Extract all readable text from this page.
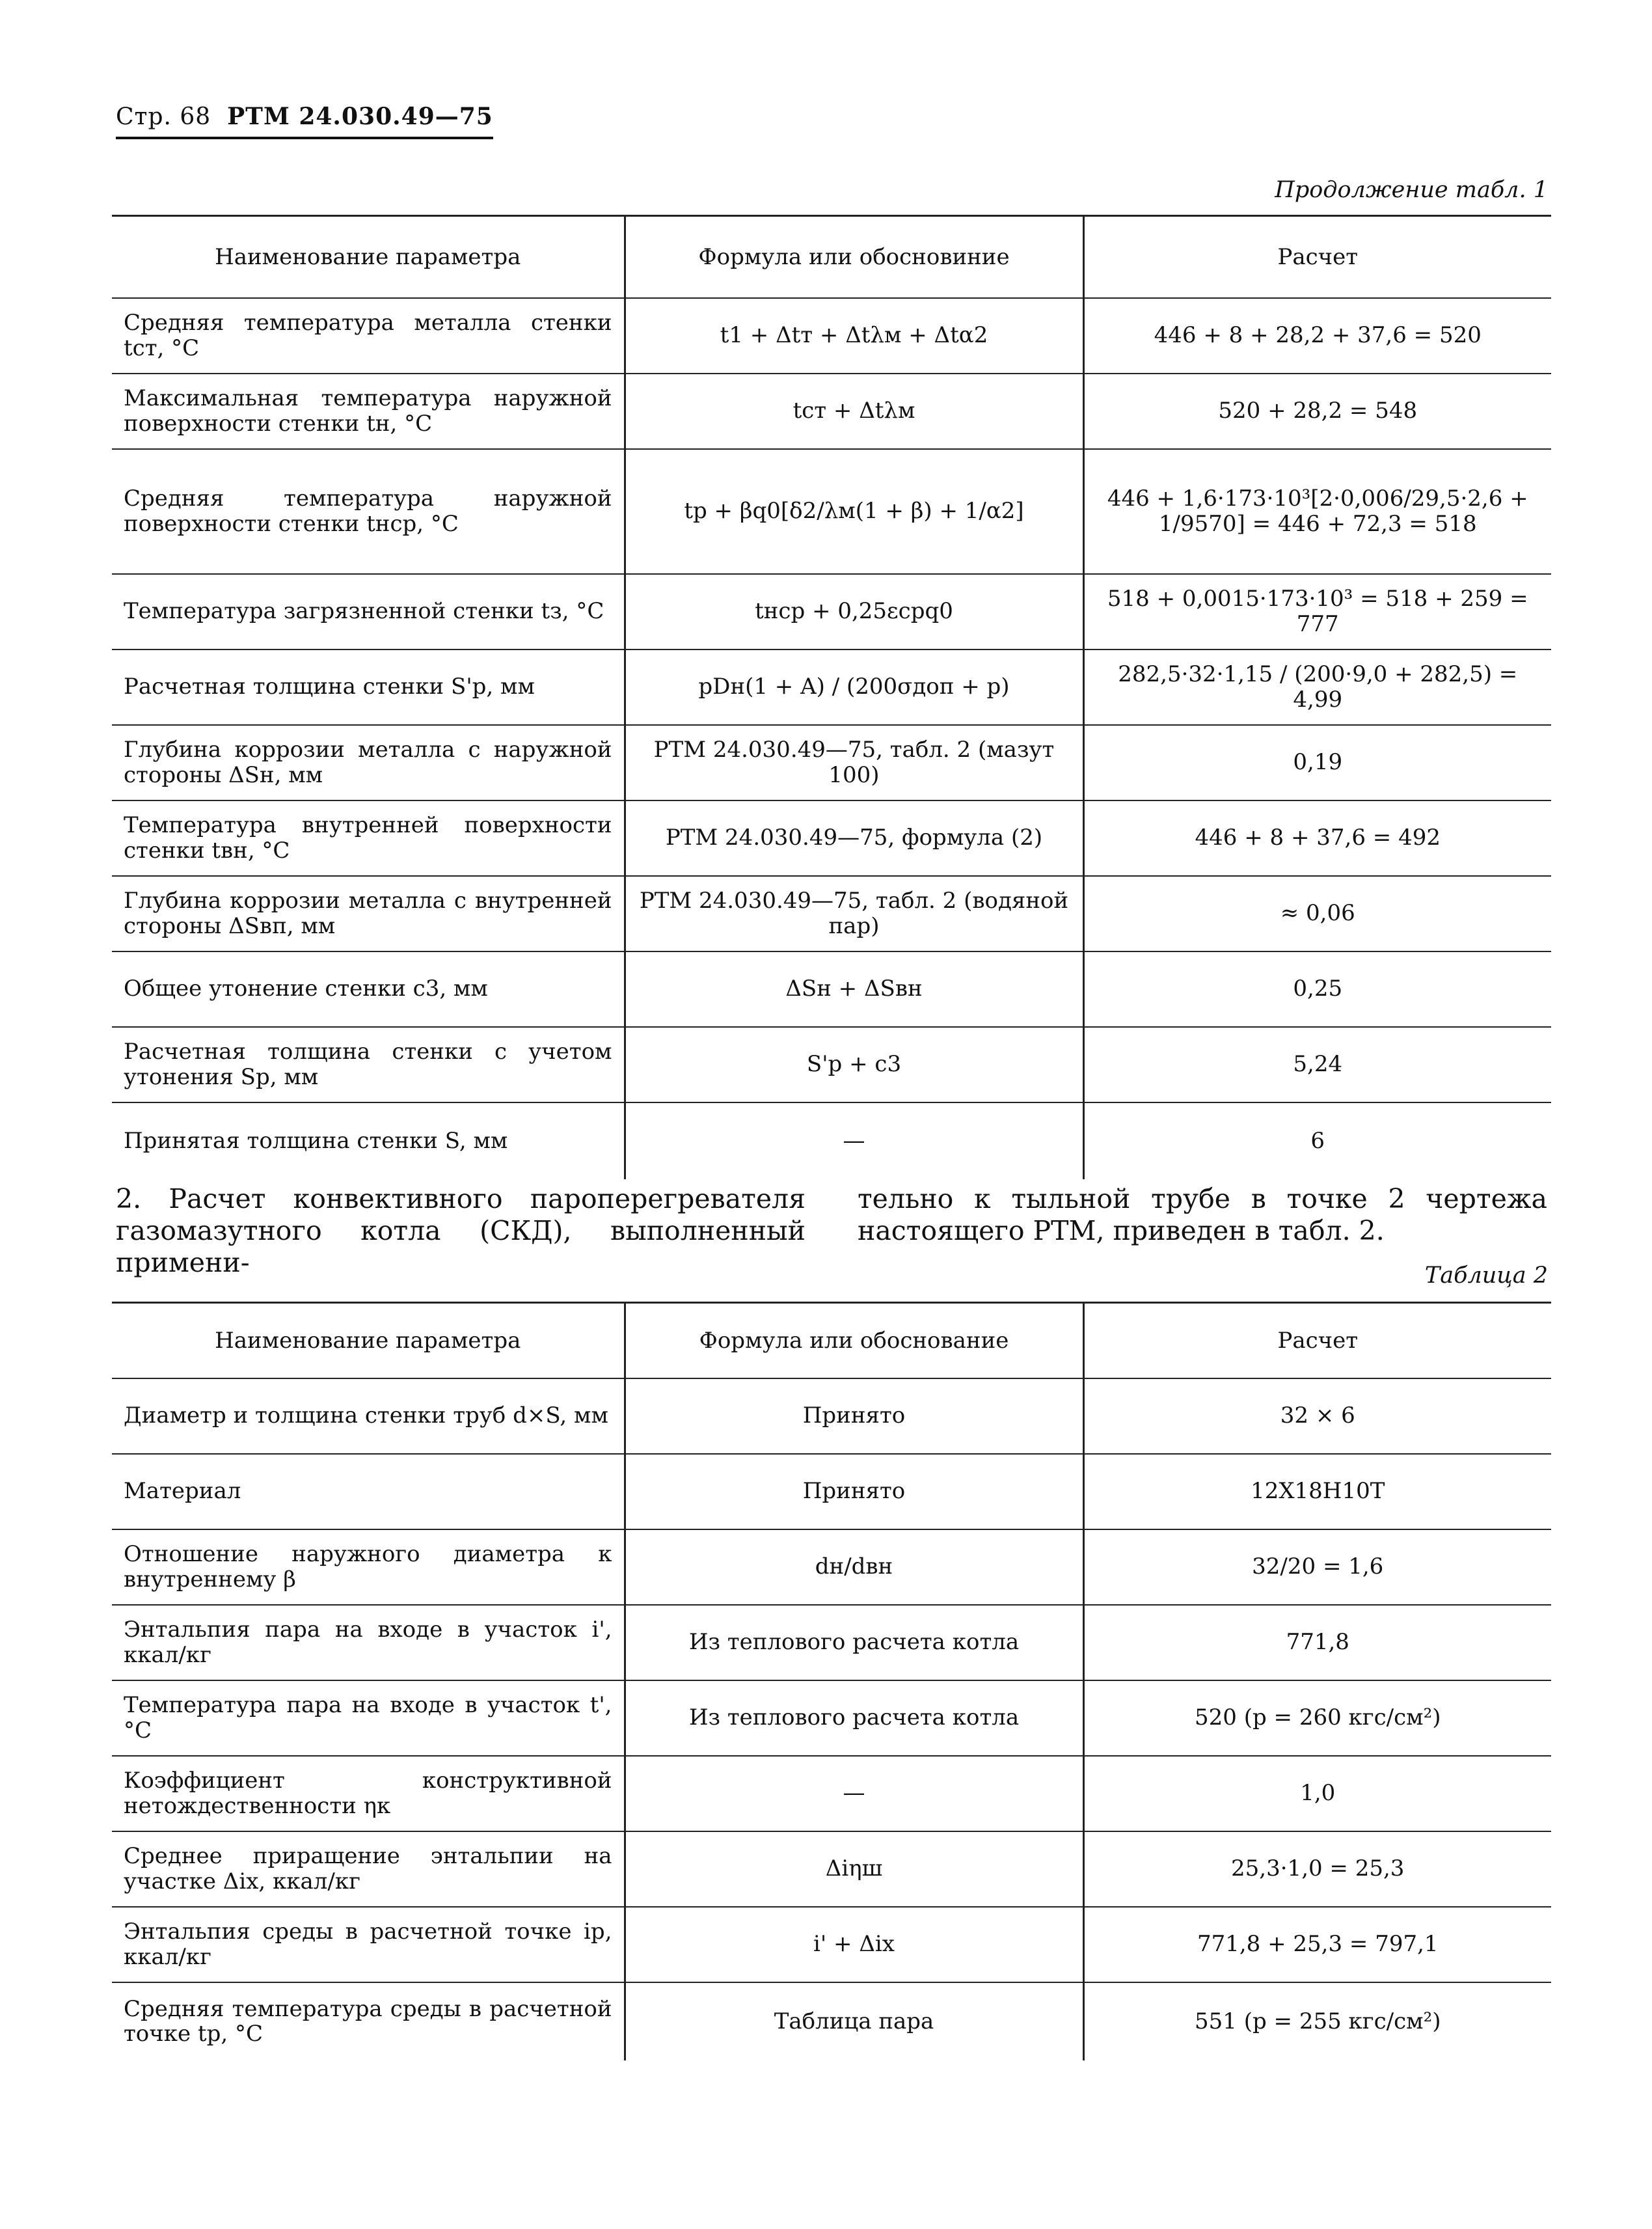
Стр. 68 РТМ 24.030.49—75
Продолжение табл. 1
Наименование параметра	Формула или обосновиние	Расчет
Средняя температура металла стенки tст, °С	t1 + Δtт + Δtλм + Δtα2	446 + 8 + 28,2 + 37,6 = 520
Максимальная температура наружной поверхности стенки tн, °С	tст + Δtλм	520 + 28,2 = 548
Средняя температура наружной поверхности стенки tнср, °С	tр + βq0[δ2/λм(1 + β) + 1/α2]	446 + 1,6·173·10³[2·0,006/29,5·2,6 + 1/9570] = 446 + 72,3 = 518
Температура загрязненной стенки tз, °С	tнср + 0,25εсрq0	518 + 0,0015·173·10³ = 518 + 259 = 777
Расчетная толщина стенки S'р, мм	pDн(1 + A) / (200σдоп + p)	282,5·32·1,15 / (200·9,0 + 282,5) = 4,99
Глубина коррозии металла с наружной стороны ΔSн, мм	РТМ 24.030.49—75, табл. 2 (мазут 100)	0,19
Температура внутренней поверхности стенки tвн, °С	РТМ 24.030.49—75, формула (2)	446 + 8 + 37,6 = 492
Глубина коррозии металла с внутренней стороны ΔSвп, мм	РТМ 24.030.49—75, табл. 2 (водяной пар)	≈ 0,06
Общее утонение стенки с3, мм	ΔSн + ΔSвн	0,25
Расчетная толщина стенки с учетом утонения Sр, мм	S'р + с3	5,24
Принятая толщина стенки S, мм	—	6
2. Расчет конвективного пароперегревателя газомазутного котла (СКД), выполненный примени-
тельно к тыльной трубе в точке 2 чертежа настоящего РТМ, приведен в табл. 2.
Таблица 2
Наименование параметра	Формула или обоснование	Расчет
Диаметр и толщина стенки труб d×S, мм	Принято	32 × 6
Материал	Принято	12Х18Н10Т
Отношение наружного диаметра к внутреннему β	dн/dвн	32/20 = 1,6
Энтальпия пара на входе в участок i', ккал/кг	Из теплового расчета котла	771,8
Температура пара на входе в участок t', °С	Из теплового расчета котла	520 (p = 260 кгс/см²)
Коэффициент конструктивной нетождественности ηк	—	1,0
Среднее приращение энтальпии на участке Δix, ккал/кг	Δiηш	25,3·1,0 = 25,3
Энтальпия среды в расчетной точке iр, ккал/кг	i' + Δix	771,8 + 25,3 = 797,1
Средняя температура среды в расчетной точке tр, °С	Таблица пара	551 (p = 255 кгс/см²)
